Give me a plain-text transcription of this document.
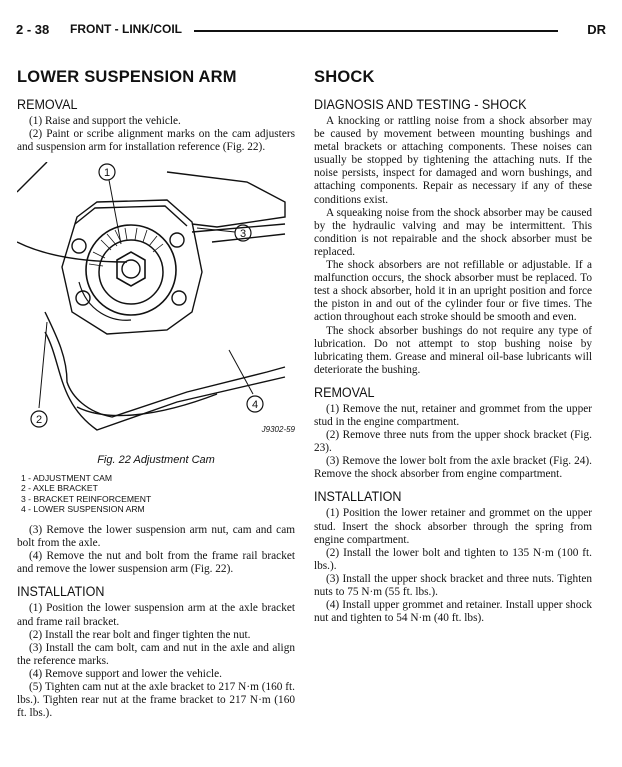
2 - 38 FRONT - LINK/COIL	DR
LOWER SUSPENSION ARM
REMOVAL

(1) Raise and support the vehicle.

(2) Paint or scribe alignment marks on the cam adjusters and suspension arm for installation reference (Fig. 22).

1
3
4
2
J9302-59
Fig. 22 Adjustment Cam
1 - ADJUSTMENT CAM
2 - AXLE BRACKET
3 - BRACKET REINFORCEMENT
4 - LOWER SUSPENSION ARM

(3) Remove the lower suspension arm nut, cam and cam bolt from the axle.

(4) Remove the nut and bolt from the frame rail bracket and remove the lower suspension arm (Fig. 22).

INSTALLATION

(1) Position the lower suspension arm at the axle bracket and frame rail bracket.

(2) Install the rear bolt and finger tighten the nut.

(3) Install the cam bolt, cam and nut in the axle and align the reference marks.

(4) Remove support and lower the vehicle.

(5) Tighten cam nut at the axle bracket to 217 N·m (160 ft. lbs.). Tighten rear nut at the frame bracket to 217 N·m (160 ft. lbs.).

SHOCK
DIAGNOSIS AND TESTING - SHOCK

A knocking or rattling noise from a shock absorber may be caused by movement between mounting bushings and metal brackets or attaching components. These noises can usually be stopped by tightening the attaching nuts. If the noise persists, inspect for damaged and worn bushings, and attaching components. Repair as necessary if any of these conditions exist.

A squeaking noise from the shock absorber may be caused by the hydraulic valving and may be intermittent. This condition is not repairable and the shock absorber must be replaced.

The shock absorbers are not refillable or adjustable. If a malfunction occurs, the shock absorber must be replaced. To test a shock absorber, hold it in an upright position and force the piston in and out of the cylinder four or five times. The action throughout each stroke should be smooth and even.

The shock absorber bushings do not require any type of lubrication. Do not attempt to stop bushing noise by lubricating them. Grease and mineral oil-base lubricants will deteriorate the bushing.

REMOVAL

(1) Remove the nut, retainer and grommet from the upper stud in the engine compartment.

(2) Remove three nuts from the upper shock bracket (Fig. 23).

(3) Remove the lower bolt from the axle bracket (Fig. 24). Remove the shock absorber from engine compartment.

INSTALLATION

(1) Position the lower retainer and grommet on the upper stud. Insert the shock absorber through the spring from engine compartment.

(2) Install the lower bolt and tighten to 135 N·m (100 ft. lbs.).

(3) Install the upper shock bracket and three nuts. Tighten nuts to 75 N·m (55 ft. lbs.).

(4) Install upper grommet and retainer. Install upper shock nut and tighten to 54 N·m (40 ft. lbs).
